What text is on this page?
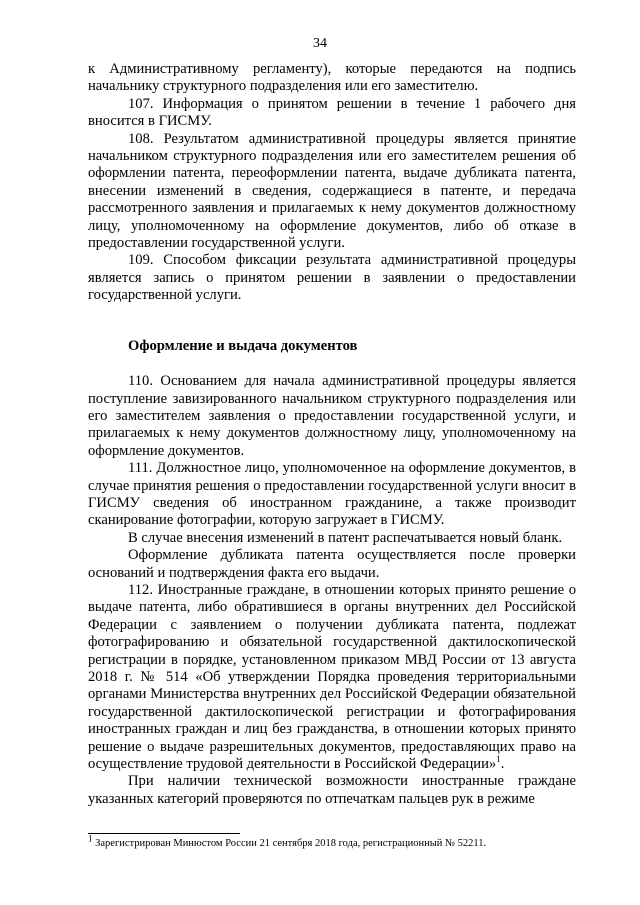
34

к Административному регламенту), которые передаются на подпись начальнику структурного подразделения или его заместителю.

107. Информация о принятом решении в течение 1 рабочего дня вносится в ГИСМУ.

108. Результатом административной процедуры является принятие начальником структурного подразделения или его заместителем решения об оформлении патента, переоформлении патента, выдаче дубликата патента, внесении изменений в сведения, содержащиеся в патенте, и передача рассмотренного заявления и прилагаемых к нему документов должностному лицу, уполномоченному на оформление документов, либо об отказе в предоставлении государственной услуги.

109. Способом фиксации результата административной процедуры является запись о принятом решении в заявлении о предоставлении государственной услуги.

Оформление и выдача документов

110. Основанием для начала административной процедуры является поступление завизированного начальником структурного подразделения или его заместителем заявления о предоставлении государственной услуги, и прилагаемых к нему документов должностному лицу, уполномоченному на оформление документов.

111. Должностное лицо, уполномоченное на оформление документов, в случае принятия решения о предоставлении государственной услуги вносит в ГИСМУ сведения об иностранном гражданине, а также производит сканирование фотографии, которую загружает в ГИСМУ.

В случае внесения изменений в патент распечатывается новый бланк.

Оформление дубликата патента осуществляется после проверки оснований и подтверждения факта его выдачи.

112. Иностранные граждане, в отношении которых принято решение о выдаче патента, либо обратившиеся в органы внутренних дел Российской Федерации с заявлением о получении дубликата патента, подлежат фотографированию и обязательной государственной дактилоскопической регистрации в порядке, установленном приказом МВД России от 13 августа 2018 г. № 514 «Об утверждении Порядка проведения территориальными органами Министерства внутренних дел Российской Федерации обязательной государственной дактилоскопической регистрации и фотографирования иностранных граждан и лиц без гражданства, в отношении которых принято решение о выдаче разрешительных документов, предоставляющих право на осуществление трудовой деятельности в Российской Федерации»$^1$.

При наличии технической возможности иностранные граждане указанных категорий проверяются по отпечаткам пальцев рук в режиме

$^1$ Зарегистрирован Минюстом России 21 сентября 2018 года, регистрационный № 52211.
